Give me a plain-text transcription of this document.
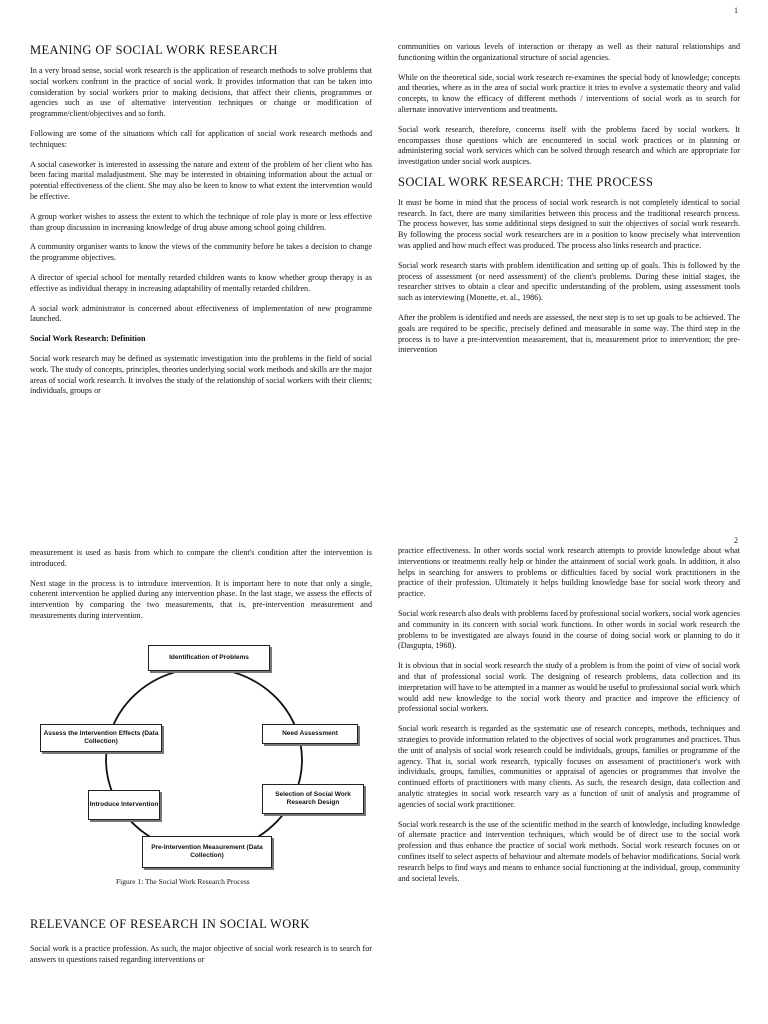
1
MEANING OF SOCIAL WORK RESEARCH

In a very broad sense, social work research is the application of research methods to solve problems that social workers confront in the practice of social work. It provides information that can be taken into consideration by social workers prior to making decisions, that affect their clients, programmes or agencies such as use of alternative intervention techniques or change or modification of programme/client/objectives and so forth.

Following are some of the situations which call for application of social work research methods and techniques:

A social caseworker is interested in assessing the nature and extent of the problem of her client who has been facing marital maladjustment. She may be interested in obtaining information about the actual or potential effectiveness of the client. She may also be keen to know to what extent the intervention would be effective.

A group worker wishes to assess the extent to which the technique of role play is more or less effective than group discussion in increasing knowledge of drug abuse among school going children.

A community organiser wants to know the views of the community before he takes a decision to change the programme objectives.

A director of special school for mentally retarded children wants to know whether group therapy is as effective as individual therapy in increasing adaptability of mentally retarded children.

A social work administrator is concerned about effectiveness of implementation of new programme launched.

Social Work Research: Definition

Social work research may be defined as systematic investigation into the problems in the field of social work. The study of concepts, principles, theories underlying social work methods and skills are the major areas of social work research. It involves the study of the relationship of social workers with their clients; individuals, groups or

communities on various levels of interaction or therapy as well as their natural relationships and functioning within the organizational structure of social agencies.

While on the theoretical side, social work research re-examines the special body of knowledge; concepts and theories, where as in the area of social work practice it tries to evolve a systematic theory and valid concepts, to know the efficacy of different methods / interventions of social work as to search for alternate innovative interventions and treatments.

Social work research, therefore, concerns itself with the problems faced by social workers. It encompasses those questions which are encountered in social work practices or in planning or administering social work services which can be solved through research and which are appropriate for investigation under social work auspices.

SOCIAL WORK RESEARCH: THE PROCESS

It must be borne in mind that the process of social work research is not completely identical to social research. In fact, there are many similarities between this process and the traditional research process. The process however, has some additional steps designed to suit the objectives of social work research. By following the process social work researchers are in a position to know precisely what intervention was applied and how much effect was produced. The process also links research and practice.

Social work research starts with problem identification and setting up of goals. This is followed by the process of assessment (or need assessment) of the client's problems. During these initial stages, the researcher strives to obtain a clear and specific understanding of the problem, using assessment tools such as interviewing (Monette, et. al., 1986).

After the problem is identified and needs are assessed, the next step is to set up goals to be achieved. The goals are required to be specific, precisely defined and measurable in some way. The third step in the process is to have a pre-intervention measurement, that is, measurement prior to intervention; the pre-intervention

2

measurement is used as basis from which to compare the client's condition after the intervention is introduced.

Next stage in the process is to introduce intervention. It is important here to note that only a single, coherent intervention be applied during any intervention phase. In the last stage, we assess the effects of intervention by comparing the two measurements, that is, pre-intervention measurement and measurements during intervention.

Identification of Problems
Need Assessment
Selection of Social Work Research Design
Pre-Intervention Measurement (Data Collection)
Introduce Intervention
Assess the Intervention Effects (Data Collection)
Figure 1: The Social Work Research Process
RELEVANCE OF RESEARCH IN SOCIAL WORK
Social work is a practice profession. As such, the major objective of social work research is to search for answers to questions raised regarding interventions or

practice effectiveness. In other words social work research attempts to provide knowledge about what interventions or treatments really help or hinder the attainment of social work goals. In addition, it also helps in searching for answers to problems or difficulties faced by social work practitioners in the practice of their profession. Ultimately it helps building knowledge base for social work theory and practice.

Social work research also deals with problems faced by professional social workers, social work agencies and community in its concern with social work functions. In other words in social work research the problems to be investigated are always found in the course of doing social work or planning to do it (Dasgupta, 1968).

It is obvious that in social work research the study of a problem is from the point of view of social work and that of professional social work. The designing of research problems, data collection and its interpretation will have to be attempted in a manner as would be useful to professional social work which would add new knowledge to the social work theory and practice and improve the efficiency of professional social workers.

Social work research is regarded as the systematic use of research concepts, methods, techniques and strategies to provide information related to the objectives of social work programmes and practices. Thus the unit of analysis of social work research could be individuals, groups, families or programme of the agency. That is, social work research, typically focuses on assessment of practitioner's work with individuals, groups, families, communities or appraisal of agencies or programmes that involve the continued efforts of practitioners with many clients. As such, the research design, data collection and analytic strategies in social work research vary as a function of unit of analysis and programme of agencies of social work practitioner.

Social work research is the use of the scientific method in the search of knowledge, including knowledge of alternate practice and intervention techniques, which would be of direct use to the social work profession and thus enhance the practice of social work methods. Social work research focuses on or confines itself to select aspects of behaviour and alternate models of behavior modifications. Social work research helps to find ways and means to enhance social functioning at the individual, group, community and societal levels.
